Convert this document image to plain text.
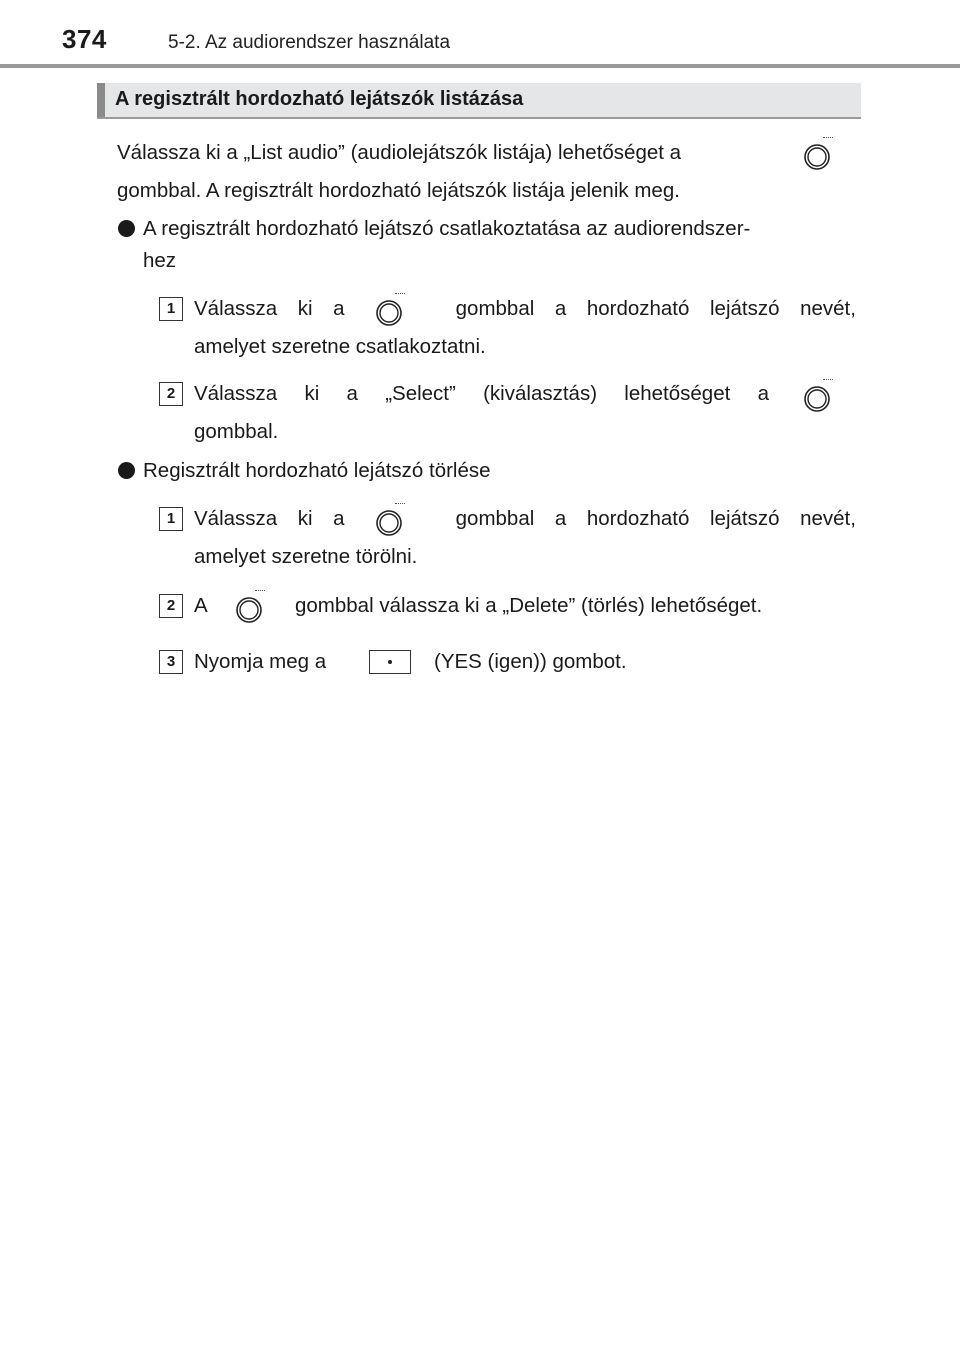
374	5-2. Az audiorendszer használata
A regisztrált hordozható lejátszók listázása
Válassza ki a „List audio” (audiolejátszók listája) lehetőséget a
gombbal. A regisztrált hordozható lejátszók listája jelenik meg.
A regisztrált hordozható lejátszó csatlakoztatása az audiorendszer-
hez
1 Válassza ki a	gombbal a hordozható lejátszó nevét,
amelyet szeretne csatlakoztatni.
2 Válassza ki a „Select” (kiválasztás) lehetőséget a
gombbal.
Regisztrált hordozható lejátszó törlése
1 Válassza ki a	gombbal a hordozható lejátszó nevét,
amelyet szeretne törölni.
2 A	gombbal válassza ki a „Delete” (törlés) lehetőséget.
3 Nyomja meg a	(YES (igen)) gombot.
